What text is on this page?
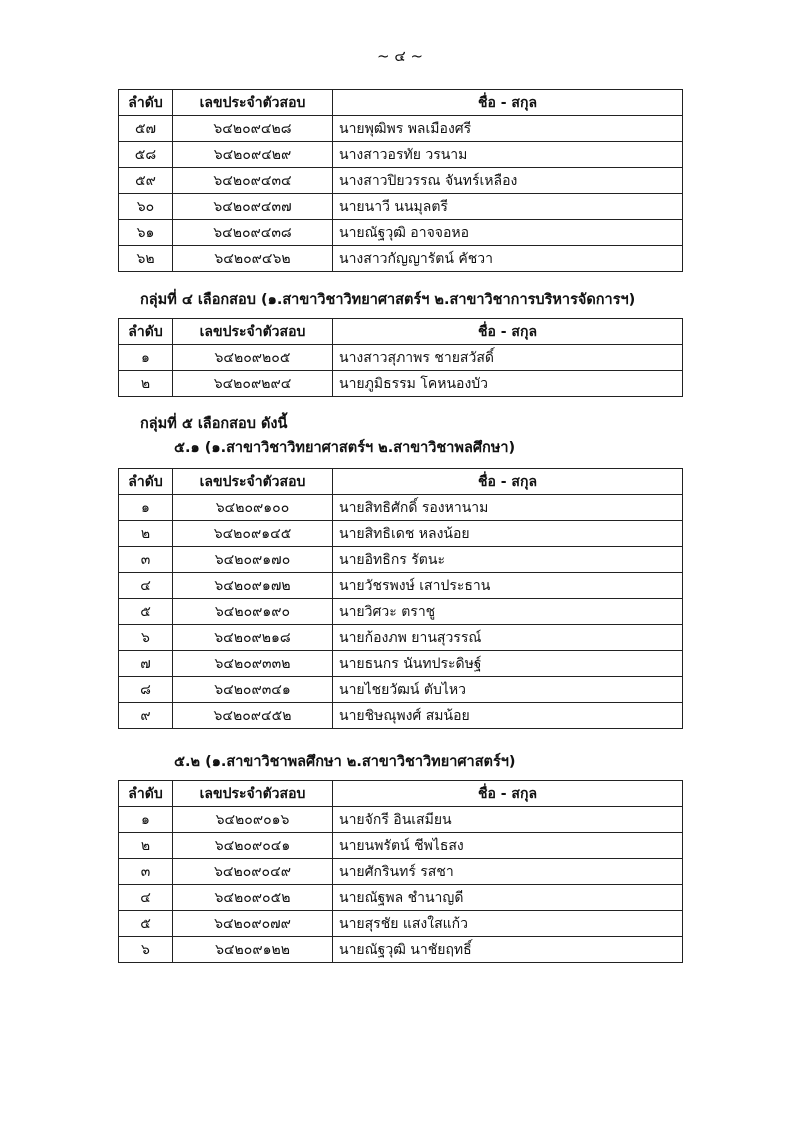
~ ๔ ~
ลำดับ	เลขประจำตัวสอบ	ชื่อ - สกุล
๕๗	๖๔๒๐๙๔๒๘	นายพุฒิพร พลเมืองศรี
๕๘	๖๔๒๐๙๔๒๙	นางสาวอรทัย วรนาม
๕๙	๖๔๒๐๙๔๓๔	นางสาวปิยวรรณ จันทร์เหลือง
๖๐	๖๔๒๐๙๔๓๗	นายนาวี นนมุลตรี
๖๑	๖๔๒๐๙๔๓๘	นายณัฐวุฒิ อาจจอหอ
๖๒	๖๔๒๐๙๔๖๒	นางสาวกัญญารัตน์ คัชวา
กลุ่มที่ ๔ เลือกสอบ (๑.สาขาวิชาวิทยาศาสตร์ฯ ๒.สาขาวิชาการบริหารจัดการฯ)
ลำดับ	เลขประจำตัวสอบ	ชื่อ - สกุล
๑	๖๔๒๐๙๒๐๕	นางสาวสุภาพร ชายสวัสดิ์
๒	๖๔๒๐๙๒๙๔	นายภูมิธรรม โคหนองบัว
กลุ่มที่ ๕ เลือกสอบ ดังนี้
๕.๑ (๑.สาขาวิชาวิทยาศาสตร์ฯ ๒.สาขาวิชาพลศึกษา)
ลำดับ	เลขประจำตัวสอบ	ชื่อ - สกุล
๑	๖๔๒๐๙๑๐๐	นายสิทธิศักดิ์ รองหานาม
๒	๖๔๒๐๙๑๔๕	นายสิทธิเดช หลงน้อย
๓	๖๔๒๐๙๑๗๐	นายอิทธิกร รัตนะ
๔	๖๔๒๐๙๑๗๒	นายวัชรพงษ์ เสาประธาน
๕	๖๔๒๐๙๑๙๐	นายวิศวะ ตราชู
๖	๖๔๒๐๙๒๑๘	นายก้องภพ ยานสุวรรณ์
๗	๖๔๒๐๙๓๓๒	นายธนกร นันทประดิษฐ์
๘	๖๔๒๐๙๓๔๑	นายไชยวัฒน์ ตับไหว
๙	๖๔๒๐๙๔๕๒	นายชิษณุพงศ์ สมน้อย
๕.๒ (๑.สาขาวิชาพลศึกษา ๒.สาขาวิชาวิทยาศาสตร์ฯ)
ลำดับ	เลขประจำตัวสอบ	ชื่อ - สกุล
๑	๖๔๒๐๙๐๑๖	นายจักรี อินเสมียน
๒	๖๔๒๐๙๐๔๑	นายนพรัตน์ ชีพไธสง
๓	๖๔๒๐๙๐๔๙	นายศักรินทร์ รสชา
๔	๖๔๒๐๙๐๕๒	นายณัฐพล ชำนาญดี
๕	๖๔๒๐๙๐๗๙	นายสุรชัย แสงใสแก้ว
๖	๖๔๒๐๙๑๒๒	นายณัฐวุฒิ นาชัยฤทธิ์
